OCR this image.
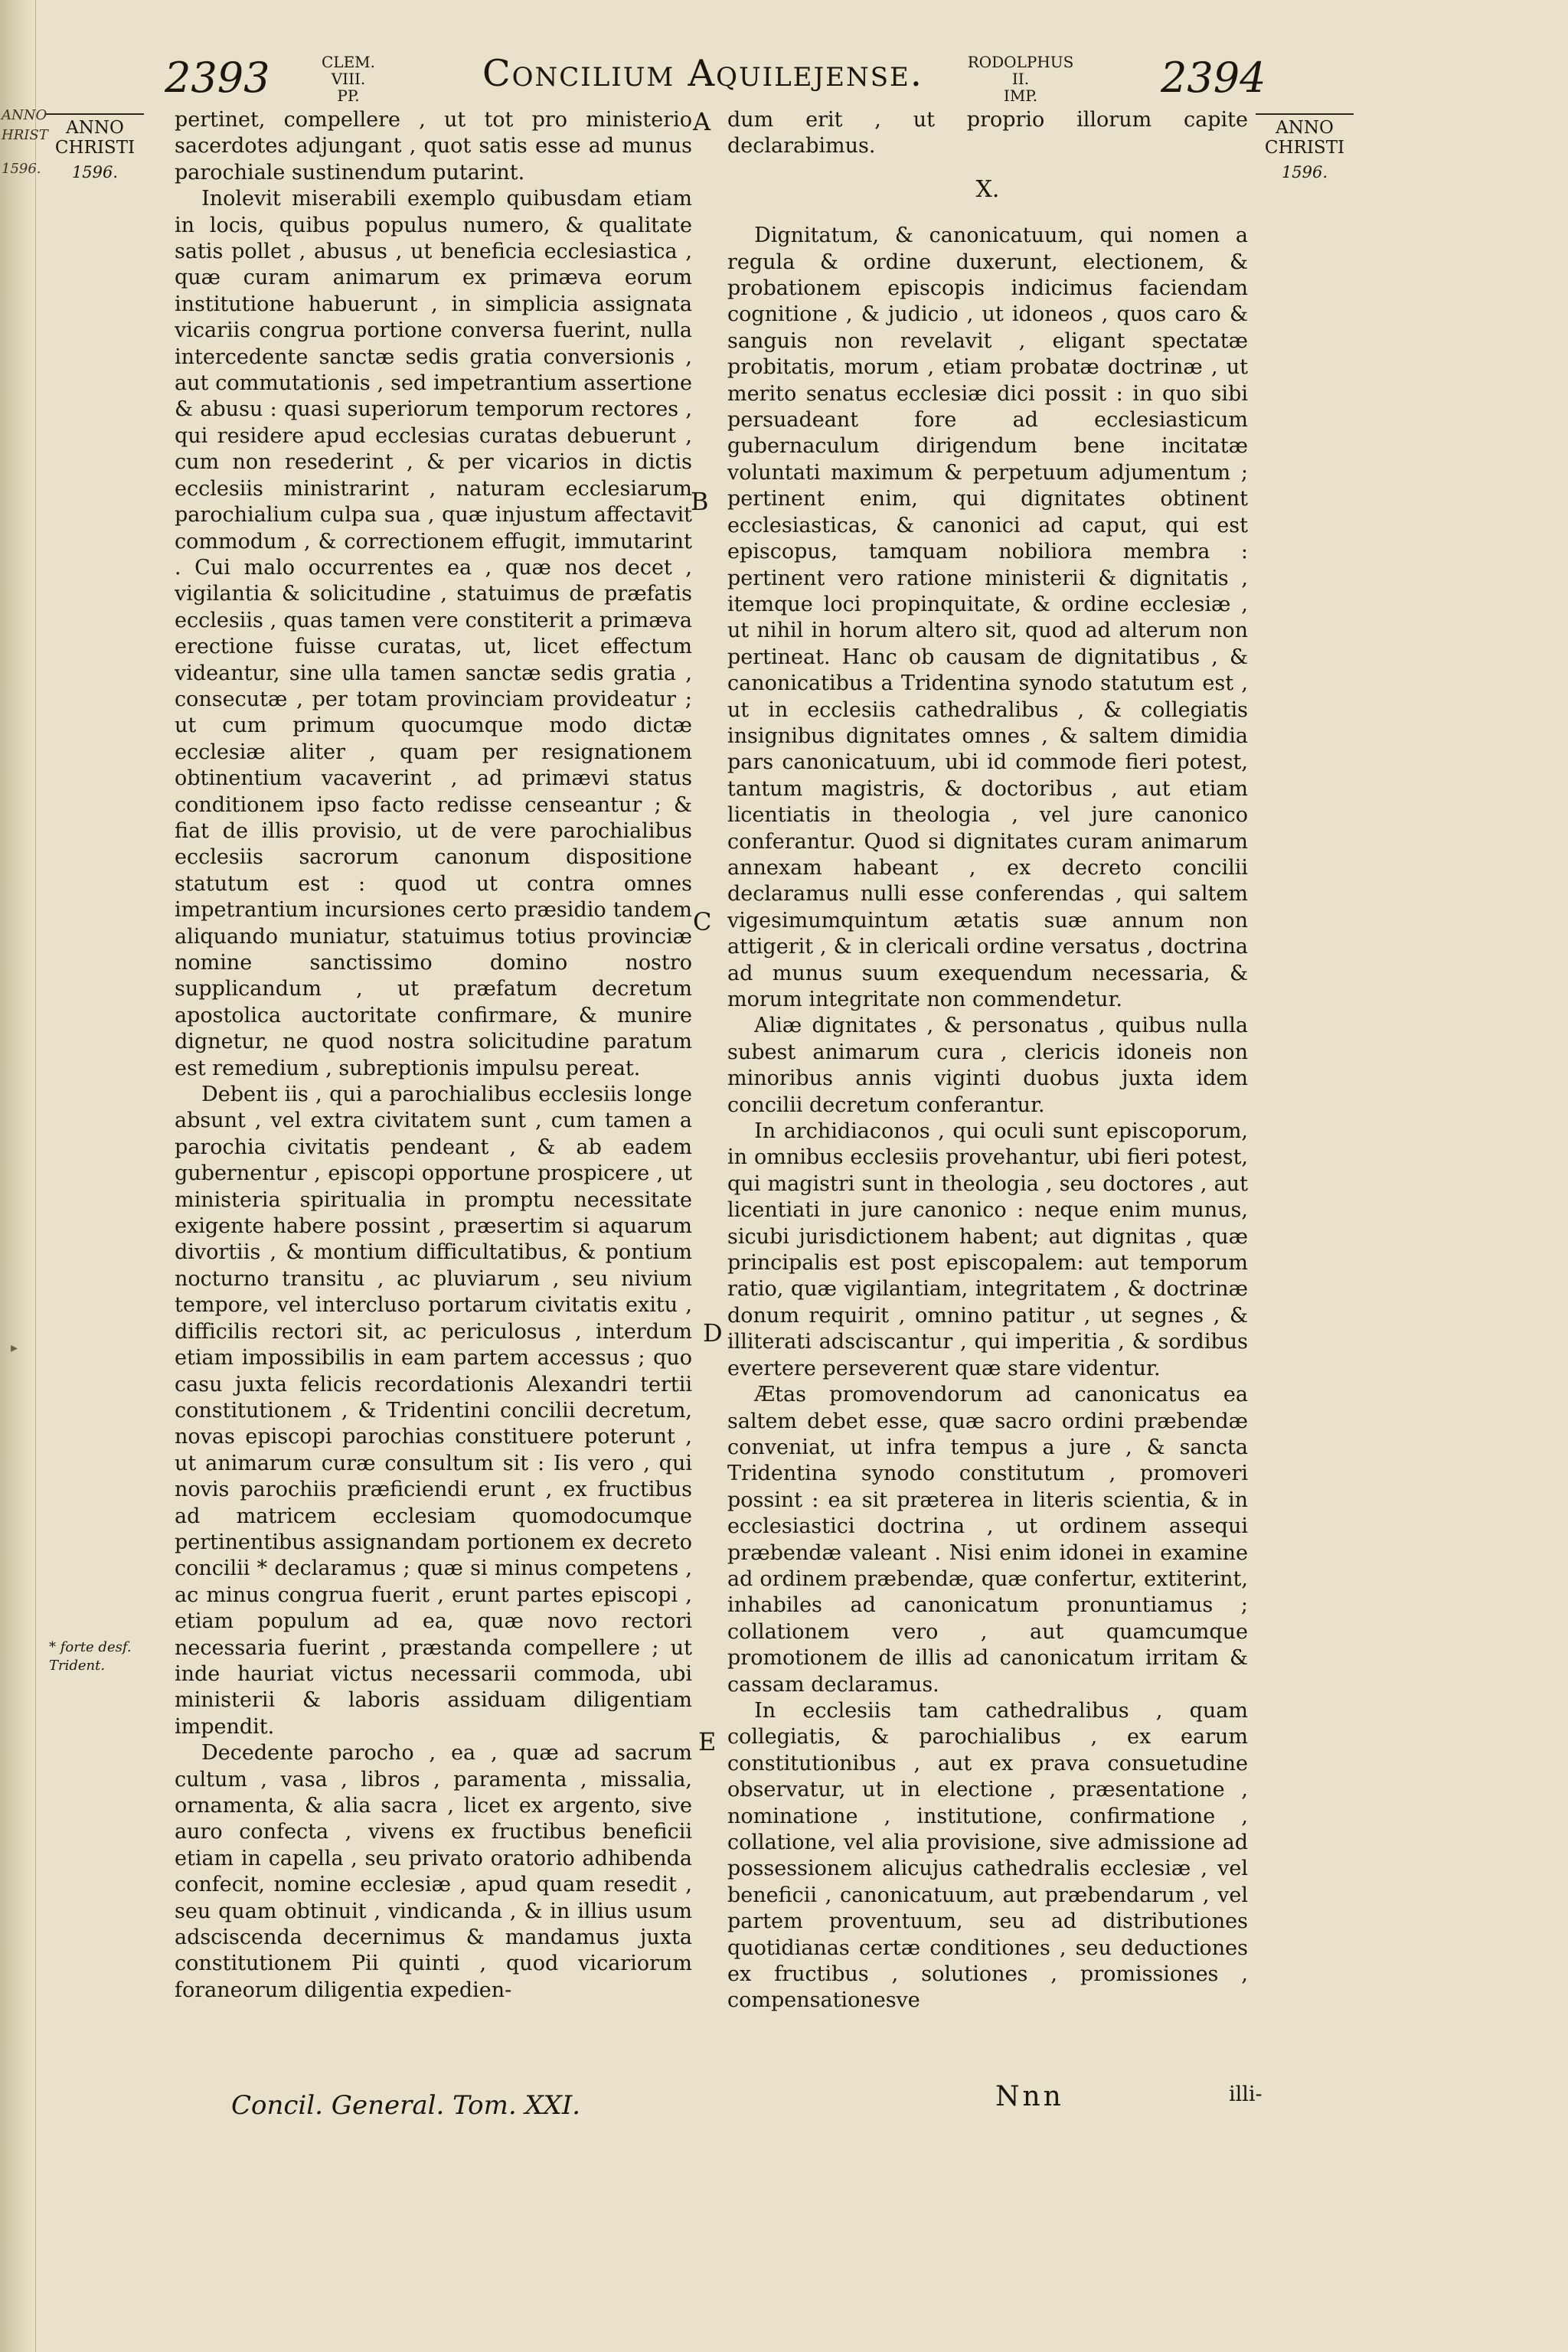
ANNO
HRIST
1596.
▸
2393	CLEM. VIII.
PP.
Concilium Aquilejense.	RODOLPHUS II.
IMP.	2394
ANNO
CHRISTI
1596.
ANNO
CHRISTI
1596.

pertinet, compellere , ut tot pro ministerio sacerdotes adjungant , quot satis esse ad munus parochiale sustinendum putarint.

Inolevit miserabili exemplo quibusdam etiam in locis, quibus populus numero, & qualitate satis pollet , abusus , ut beneficia ecclesiastica , quæ curam animarum ex primæva eorum institutione habuerunt , in simplicia assignata vicariis congrua portione conversa fuerint, nulla intercedente sanctæ sedis gratia conversionis , aut commutationis , sed impetrantium assertione & abusu : quasi superiorum temporum rectores , qui residere apud ecclesias curatas debuerunt , cum non resederint , & per vicarios in dictis ecclesiis ministrarint , naturam ecclesiarum parochialium culpa sua , quæ injustum affectavit commodum , & correctionem effugit, immutarint . Cui malo occurrentes ea , quæ nos decet , vigilantia & solicitudine , statuimus de præfatis ecclesiis , quas tamen vere constiterit a primæva erectione fuisse curatas, ut, licet effectum videantur, sine ulla tamen sanctæ sedis gratia , consecutæ , per totam provinciam provideatur ; ut cum primum quocumque modo dictæ ecclesiæ aliter , quam per resignationem obtinentium vacaverint , ad primævi status conditionem ipso facto redisse censeantur ; & fiat de illis provisio, ut de vere parochialibus ecclesiis sacrorum canonum dispositione statutum est : quod ut contra omnes impetrantium incursiones certo præsidio tandem aliquando muniatur, statuimus totius provinciæ nomine sanctissimo domino nostro supplicandum , ut præfatum decretum apostolica auctoritate confirmare, & munire dignetur, ne quod nostra solicitudine paratum est remedium , subreptionis impulsu pereat.

Debent iis , qui a parochialibus ecclesiis longe absunt , vel extra civitatem sunt , cum tamen a parochia civitatis pendeant , & ab eadem gubernentur , episcopi opportune prospicere , ut ministeria spiritualia in promptu necessitate exigente habere possint , præsertim si aquarum divortiis , & montium difficultatibus, & pontium nocturno transitu , ac pluviarum , seu nivium tempore, vel intercluso portarum civitatis exitu , difficilis rectori sit, ac periculosus , interdum etiam impossibilis in eam partem accessus ; quo casu juxta felicis recordationis Alexandri tertii constitutionem , & Tridentini concilii decretum, novas episcopi parochias constituere poterunt , ut animarum curæ consultum sit : Iis vero , qui novis parochiis præficiendi erunt , ex fructibus ad matricem ecclesiam quomodocumque pertinentibus assignandam portionem ex decreto concilii * declaramus ; quæ si minus competens , ac minus congrua fuerit , erunt partes episcopi , etiam populum ad ea, quæ novo rectori necessaria fuerint , præstanda compellere ; ut inde hauriat victus necessarii commoda, ubi ministerii & laboris assiduam diligentiam impendit.

Decedente parocho , ea , quæ ad sacrum cultum , vasa , libros , paramenta , missalia, ornamenta, & alia sacra , licet ex argento, sive auro confecta , vivens ex fructibus beneficii etiam in capella , seu privato oratorio adhibenda confecit, nomine ecclesiæ , apud quam resedit , seu quam obtinuit , vindicanda , & in illius usum adsciscenda decernimus & mandamus juxta constitutionem Pii quinti , quod vicariorum foraneorum diligentia expedien-

A
B
C
D
E

dum erit , ut proprio illorum capite declarabimus.

X.

Dignitatum, & canonicatuum, qui nomen a regula & ordine duxerunt, electionem, & probationem episcopis indicimus faciendam cognitione , & judicio , ut idoneos , quos caro & sanguis non revelavit , eligant spectatæ probitatis, morum , etiam probatæ doctrinæ , ut merito senatus ecclesiæ dici possit : in quo sibi persuadeant fore ad ecclesiasticum gubernaculum dirigendum bene incitatæ voluntati maximum & perpetuum adjumentum ; pertinent enim, qui dignitates obtinent ecclesiasticas, & canonici ad caput, qui est episcopus, tamquam nobiliora membra : pertinent vero ratione ministerii & dignitatis , itemque loci propinquitate, & ordine ecclesiæ , ut nihil in horum altero sit, quod ad alterum non pertineat. Hanc ob causam de dignitatibus , & canonicatibus a Tridentina synodo statutum est , ut in ecclesiis cathedralibus , & collegiatis insignibus dignitates omnes , & saltem dimidia pars canonicatuum, ubi id commode fieri potest, tantum magistris, & doctoribus , aut etiam licentiatis in theologia , vel jure canonico conferantur. Quod si dignitates curam animarum annexam habeant , ex decreto concilii declaramus nulli esse conferendas , qui saltem vigesimumquintum ætatis suæ annum non attigerit , & in clericali ordine versatus , doctrina ad munus suum exequendum necessaria, & morum integritate non commendetur.

Aliæ dignitates , & personatus , quibus nulla subest animarum cura , clericis idoneis non minoribus annis viginti duobus juxta idem concilii decretum conferantur.

In archidiaconos , qui oculi sunt episcoporum, in omnibus ecclesiis provehantur, ubi fieri potest, qui magistri sunt in theologia , seu doctores , aut licentiati in jure canonico : neque enim munus, sicubi jurisdictionem habent; aut dignitas , quæ principalis est post episcopalem: aut temporum ratio, quæ vigilantiam, integritatem , & doctrinæ donum requirit , omnino patitur , ut segnes , & illiterati adsciscantur , qui imperitia , & sordibus evertere perseverent quæ stare videntur.

Ætas promovendorum ad canonicatus ea saltem debet esse, quæ sacro ordini præbendæ conveniat, ut infra tempus a jure , & sancta Tridentina synodo constitutum , promoveri possint : ea sit præterea in literis scientia, & in ecclesiastici doctrina , ut ordinem assequi præbendæ valeant . Nisi enim idonei in examine ad ordinem præbendæ, quæ confertur, extiterint, inhabiles ad canonicatum pronuntiamus ; collationem vero , aut quamcumque promotionem de illis ad canonicatum irritam & cassam declaramus.

In ecclesiis tam cathedralibus , quam collegiatis, & parochialibus , ex earum constitutionibus , aut ex prava consuetudine observatur, ut in electione , præsentatione , nominatione , institutione, confirmatione , collatione, vel alia provisione, sive admissione ad possessionem alicujus cathedralis ecclesiæ , vel beneficii , canonicatuum, aut præbendarum , vel partem proventuum, seu ad distributiones quotidianas certæ conditiones , seu deductiones ex fructibus , solutiones , promissiones , compensationesve

* forte desf.
Trident.
Concil. General. Tom. XXI.	Nnn	illi-
